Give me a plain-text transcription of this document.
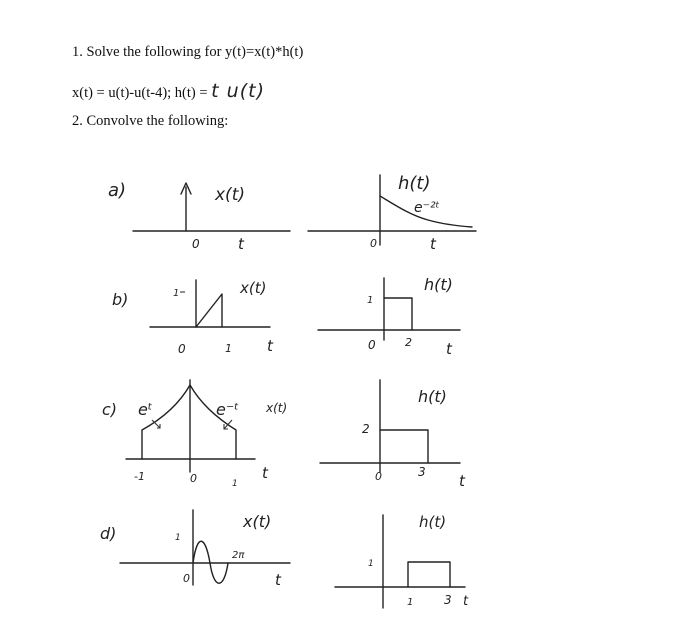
1. Solve the following for y(t)=x(t)*h(t)
x(t) = u(t)-u(t-4); h(t) = t u(t)
2. Convolve the following:
a)	x(t)
0	t
h(t)
e⁻²ᵗ
0	t
b)	1	x(t)
0	1 t
1
h(t)
0	2 t
c) eᵗ	e⁻ᵗ x(t)
-1	0	1
t
2
h(t)
0	3 t
d)	1
x(t)
2π
0	t
1
h(t)
1	3 t
